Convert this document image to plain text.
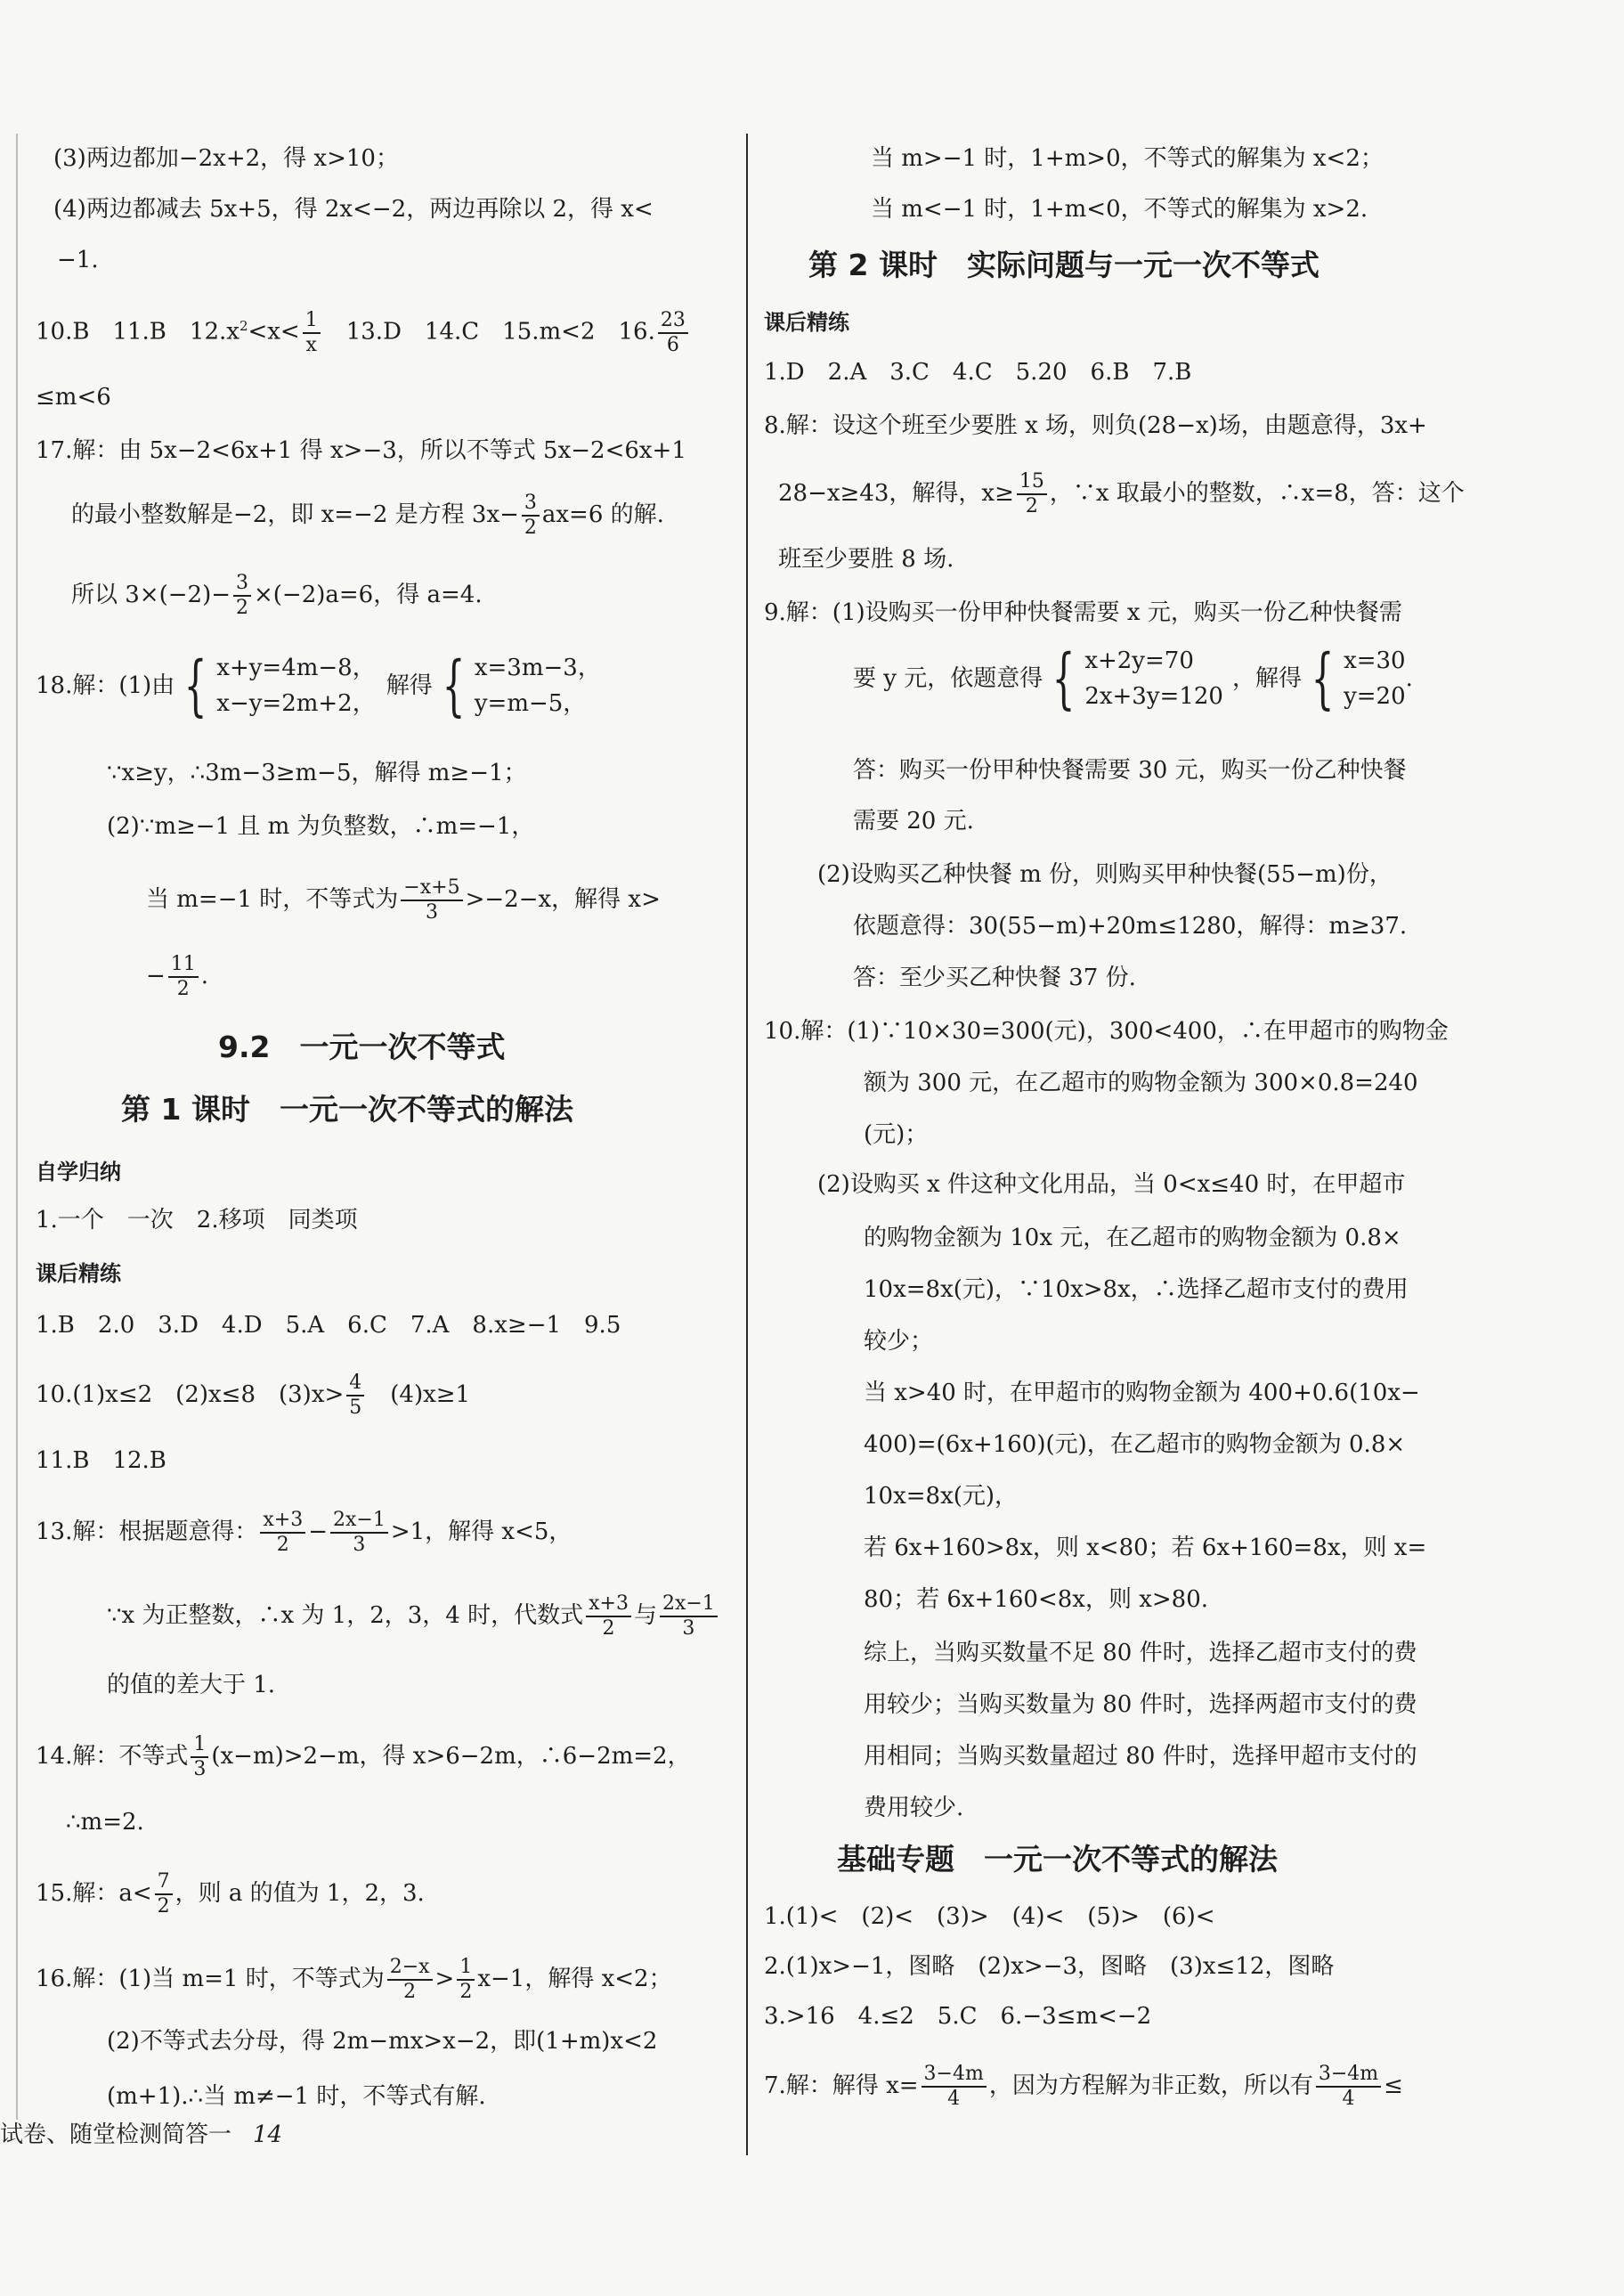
(3)两边都加−2x+2，得 x>10；
(4)两边都减去 5x+5，得 2x<−2，两边再除以 2，得 x<
−1.
10.B　11.B　$12.x^2<x< \frac{1}{x}$ 　13.D　14.C　15.m<2　16. $\frac{23}{6}$
≤m<6
17.解：由 5x−2<6x+1 得 x>−3，所以不等式 5x−2<6x+1
的最小整数解是−2，即 x=−2 是方程 $3x- \frac{3}{2} ax=6$ 的解.
所以 $3\times(-2)- \frac{3}{2} \times(-2)a=6$，得 a=4.
18.解：(1)由 { x+y=4m−8，
x−y=2m+2，
解得 { x=3m−3，
y=m−5，
∵x≥y，∴3m−3≥m−5，解得 m≥−1；
(2)∵m≥−1 且 m 为负整数，∴m=−1，
当 m=−1 时，不等式为 $\frac{-x+5}{3} >-2-x$，解得 x>
− $\frac{11}{2}$ .
9.2　一元一次不等式
第 1 课时　一元一次不等式的解法
自学归纳
1.一个　一次　2.移项　同类项
课后精练
1.B　2.0　3.D　4.D　5.A　6.C　7.A　8.x≥−1　9.5
10.(1)x≤2　(2)x≤8　$(3)x> \frac{4}{5}$ 　(4)x≥1
11.B　12.B
13.解：根据题意得： $\frac{x+3}{2} - \frac{2x-1}{3} >1$，解得 x<5，
∵x 为正整数，∴x 为 1，2，3，4 时，代数式 $\frac{x+3}{2}$ 与 $\frac{2x-1}{3}$
的值的差大于 1.
14.解：不等式 $\frac{1}{3} (x-m)>2-m$，得 x>6−2m，∴6−2m=2，
∴m=2.
15.解：$a< \frac{7}{2}$ ，则 a 的值为 1，2，3.
16.解：(1)当 m=1 时，不等式为 $\frac{2-x}{2} > \frac{1}{2} x-1$，解得 x<2；
(2)不等式去分母，得 2m−mx>x−2，即(1+m)x<2
(m+1).∴当 m≠−1 时，不等式有解.
当 m>−1 时，1+m>0，不等式的解集为 x<2；
当 m<−1 时，1+m<0，不等式的解集为 x>2.
第 2 课时　实际问题与一元一次不等式
课后精练
1.D　2.A　3.C　4.C　5.20　6.B　7.B
8.解：设这个班至少要胜 x 场，则负(28−x)场，由题意得，3x+
28−x≥43，解得，$x\ge \frac{15}{2}$ ，∵x 取最小的整数，∴x=8，答：这个
班至少要胜 8 场.
9.解：(1)设购买一份甲种快餐需要 x 元，购买一份乙种快餐需
要 y 元，依题意得 { x+2y=70
2x+3y=120
，解得 { x=30
y=20
.
答：购买一份甲种快餐需要 30 元，购买一份乙种快餐
需要 20 元.
(2)设购买乙种快餐 m 份，则购买甲种快餐(55−m)份，
依题意得：30(55−m)+20m≤1280，解得：m≥37.
答：至少买乙种快餐 37 份.
10.解：(1)∵10×30=300(元)，300<400，∴在甲超市的购物金
额为 300 元，在乙超市的购物金额为 300×0.8=240
(元)；
(2)设购买 x 件这种文化用品，当 0<x≤40 时，在甲超市
的购物金额为 10x 元，在乙超市的购物金额为 0.8×
10x=8x(元)，∵10x>8x，∴选择乙超市支付的费用
较少；
当 x>40 时，在甲超市的购物金额为 400+0.6(10x−
400)=(6x+160)(元)，在乙超市的购物金额为 0.8×
10x=8x(元)，
若 6x+160>8x，则 x<80；若 6x+160=8x，则 x=
80；若 6x+160<8x，则 x>80.
综上，当购买数量不足 80 件时，选择乙超市支付的费
用较少；当购买数量为 80 件时，选择两超市支付的费
用相同；当购买数量超过 80 件时，选择甲超市支付的
费用较少.
基础专题　一元一次不等式的解法
1.(1)<　(2)<　(3)>　(4)<　(5)>　(6)<
2.(1)x>−1，图略　(2)x>−3，图略　(3)x≤12，图略
3.>16　4.≤2　5.C　6.−3≤m<−2
7.解：解得 $x= \frac{3-4m}{4}$ ，因为方程解为非正数，所以有 $\frac{3-4m}{4}$ ≤
试卷、随堂检测简答一 14
